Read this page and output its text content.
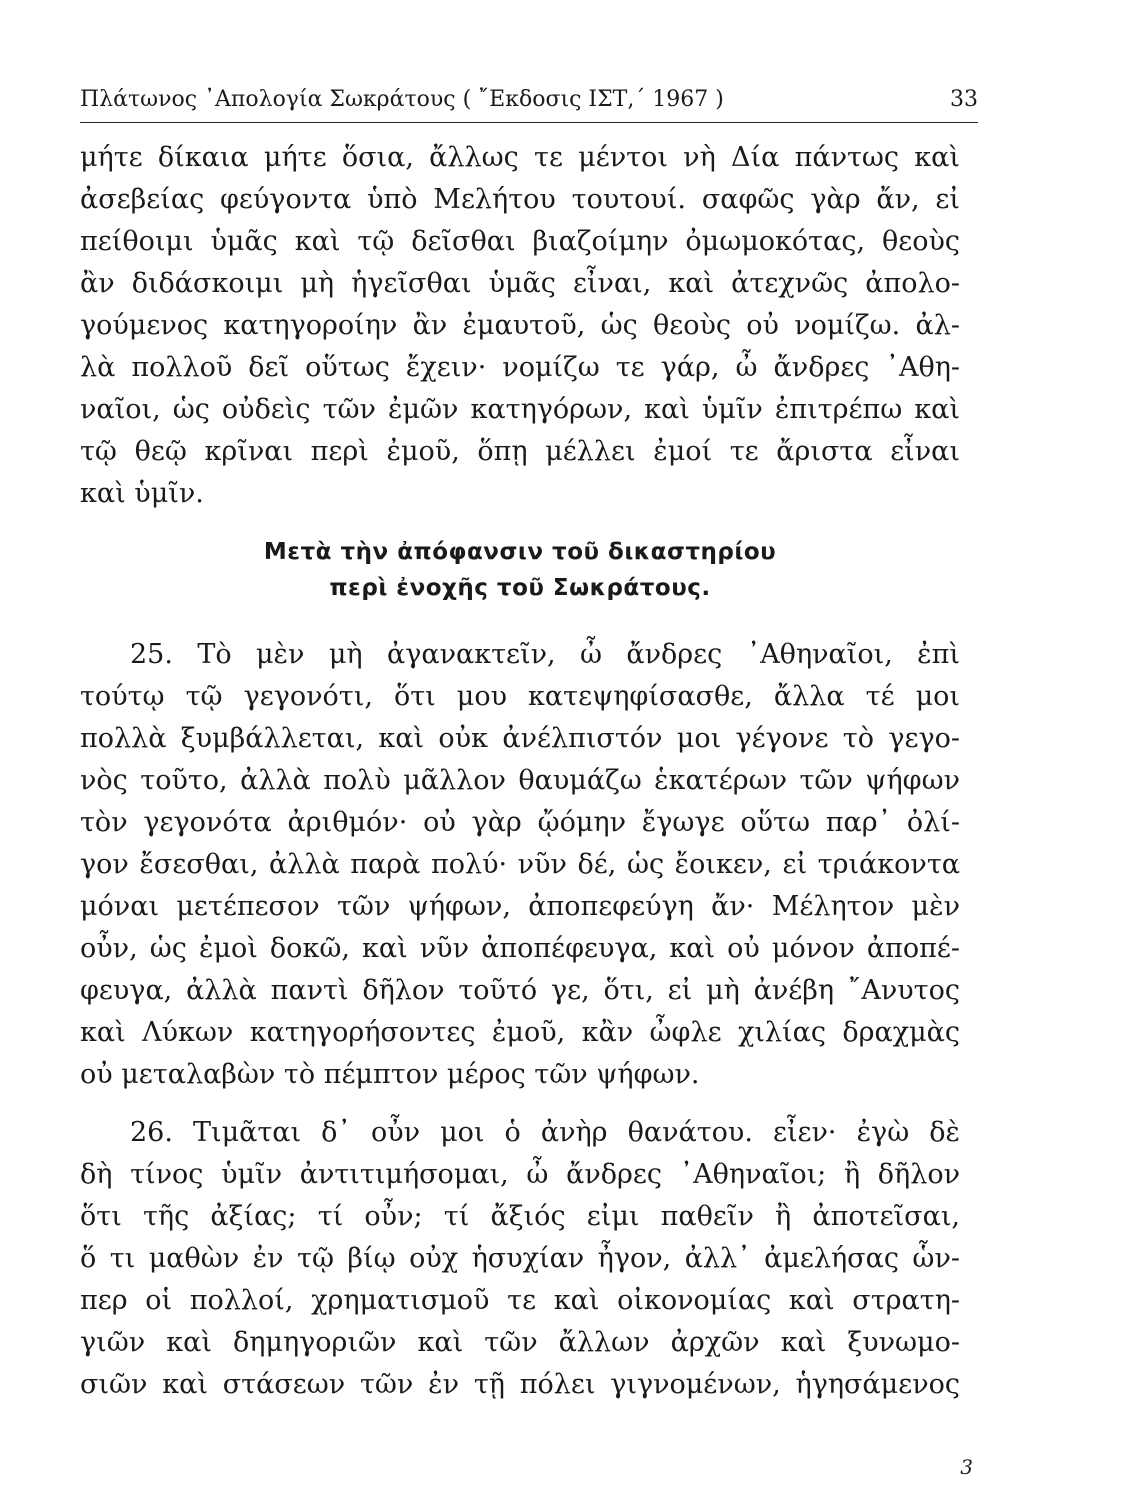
Πλάτωνος ᾿Απολογία Σωκράτους ( ῎Εκδοσις ΙΣΤ,΄ 1967 )	33
μήτε δίκαια μήτε ὅσια, ἄλλως τε μέντοι νὴ Δία πάντως καὶ
ἀσεβείας φεύγοντα ὑπὸ Μελήτου τουτουί. σαφῶς γὰρ ἄν, εἰ
πείθοιμι ὑμᾶς καὶ τῷ δεῖσθαι βιαζοίμην ὀμωμοκότας, θεοὺς
ἂν διδάσκοιμι μὴ ἡγεῖσθαι ὑμᾶς εἶναι, καὶ ἀτεχνῶς ἀπολο-
γούμενος κατηγοροίην ἂν ἐμαυτοῦ, ὡς θεοὺς οὐ νομίζω. ἀλ-
λὰ πολλοῦ δεῖ οὕτως ἔχειν· νομίζω τε γάρ, ὦ ἄνδρες ᾿Αθη-
ναῖοι, ὡς οὐδεὶς τῶν ἐμῶν κατηγόρων, καὶ ὑμῖν ἐπιτρέπω καὶ
τῷ θεῷ κρῖναι περὶ ἐμοῦ, ὅπῃ μέλλει ἐμοί τε ἄριστα εἶναι
καὶ ὑμῖν.
Μετὰ τὴν ἀπόφανσιν τοῦ δικαστηρίου
περὶ ἐνοχῆς τοῦ Σωκράτους.
25. Τὸ μὲν μὴ ἀγανακτεῖν, ὦ ἄνδρες ᾿Αθηναῖοι, ἐπὶ
τούτῳ τῷ γεγονότι, ὅτι μου κατεψηφίσασθε, ἄλλα τέ μοι
πολλὰ ξυμβάλλεται, καὶ οὐκ ἀνέλπιστόν μοι γέγονε τὸ γεγο-
νὸς τοῦτο, ἀλλὰ πολὺ μᾶλλον θαυμάζω ἑκατέρων τῶν ψήφων
τὸν γεγονότα ἀριθμόν· οὐ γὰρ ᾤόμην ἔγωγε οὕτω παρ᾿ ὀλί-
γον ἔσεσθαι, ἀλλὰ παρὰ πολύ· νῦν δέ, ὡς ἔοικεν, εἰ τριάκοντα
μόναι μετέπεσον τῶν ψήφων, ἀποπεφεύγη ἄν· Μέλητον μὲν
οὖν, ὡς ἐμοὶ δοκῶ, καὶ νῦν ἀποπέφευγα, καὶ οὐ μόνον ἀποπέ-
φευγα, ἀλλὰ παντὶ δῆλον τοῦτό γε, ὅτι, εἰ μὴ ἀνέβη ῎Ανυτος
καὶ Λύκων κατηγορήσοντες ἐμοῦ, κἂν ὦφλε χιλίας δραχμὰς
οὐ μεταλαβὼν τὸ πέμπτον μέρος τῶν ψήφων.
26. Τιμᾶται δ᾿ οὖν μοι ὁ ἀνὴρ θανάτου. εἶεν· ἐγὼ δὲ
δὴ τίνος ὑμῖν ἀντιτιμήσομαι, ὦ ἄνδρες ᾿Αθηναῖοι; ἢ δῆλον
ὅτι τῆς ἀξίας; τί οὖν; τί ἄξιός εἰμι παθεῖν ἢ ἀποτεῖσαι,
ὅ τι μαθὼν ἐν τῷ βίῳ οὐχ ἡσυχίαν ἦγον, ἀλλ᾿ ἀμελήσας ὧν-
περ οἱ πολλοί, χρηματισμοῦ τε καὶ οἰκονομίας καὶ στρατη-
γιῶν καὶ δημηγοριῶν καὶ τῶν ἄλλων ἀρχῶν καὶ ξυνωμο-
σιῶν καὶ στάσεων τῶν ἐν τῇ πόλει γιγνομένων, ἡγησάμενος
3
